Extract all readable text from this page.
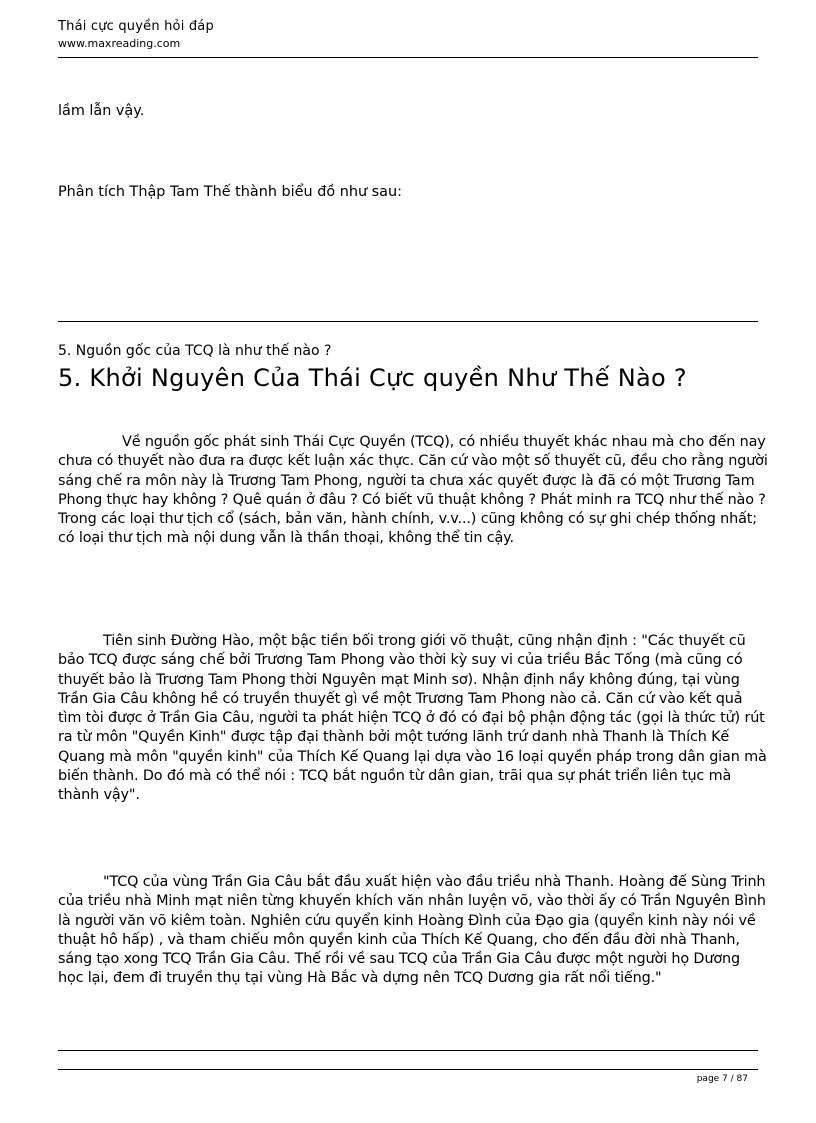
Thái cực quyền hỏi đáp
www.maxreading.com
lầm lẫn vậy.
Phân tích Thập Tam Thế thành biểu đồ như sau:
5. Nguồn gốc của TCQ là như thế nào ?
5. Khởi Nguyên Của Thái Cực quyền Như Thế Nào ?
Về nguồn gốc phát sinh Thái Cực Quyền (TCQ), có nhiều thuyết khác nhau mà cho đến nay chưa có thuyết nào đưa ra được kết luận xác thực. Căn cứ vào một số thuyết cũ, đều cho rằng người sáng chế ra môn này là Trương Tam Phong, người ta chưa xác quyết được là đã có một Trương Tam Phong thực hay không ? Quê quán ở đâu ? Có biết vũ thuật không ? Phát minh ra TCQ như thế nào ? Trong các loại thư tịch cổ (sách, bản văn, hành chính, v.v...) cũng không có sự ghi chép thống nhất; có loại thư tịch mà nội dung vẫn là thần thoại, không thể tin cậy.
Tiên sinh Đường Hào, một bậc tiền bối trong giới võ thuật, cũng nhận định : "Các thuyết cũ bảo TCQ được sáng chế bởi Trương Tam Phong vào thời kỳ suy vi của triều Bắc Tống (mà cũng có thuyết bảo là Trương Tam Phong thời Nguyên mạt Minh sơ). Nhận định nầy không đúng, tại vùng Trần Gia Câu không hề có truyền thuyết gì về một Trương Tam Phong nào cả. Căn cứ vào kết quả tìm tòi được ở Trần Gia Câu, người ta phát hiện TCQ ở đó có đại bộ phận động tác (gọi là thức tử) rút ra từ môn "Quyền Kinh" được tập đại thành bởi một tướng lãnh trứ danh nhà Thanh là Thích Kế Quang mà môn "quyền kinh" của Thích Kế Quang lại dựa vào 16 loại quyền pháp trong dân gian mà biến thành. Do đó mà có thể nói : TCQ bắt nguồn từ dân gian, trãi qua sự phát triển liên tục mà thành vậy".
"TCQ của vùng Trần Gia Câu bắt đầu xuất hiện vào đầu triều nhà Thanh. Hoàng đế Sùng Trinh của triều nhà Minh mạt niên từng khuyến khích văn nhân luyện võ, vào thời ấy có Trần Nguyên Bình là người văn võ kiêm toàn. Nghiên cứu quyển kinh Hoàng Đình của Đạo gia (quyển kinh này nói về thuật hô hấp) , và tham chiếu môn quyền kinh của Thích Kế Quang, cho đến đầu đời nhà Thanh, sáng tạo xong TCQ Trần Gia Câu. Thế rồi về sau TCQ của Trần Gia Câu được một người họ Dương học lại, đem đi truyền thụ tại vùng Hà Bắc và dựng nên TCQ Dương gia rất nổi tiếng."
page 7 / 87
